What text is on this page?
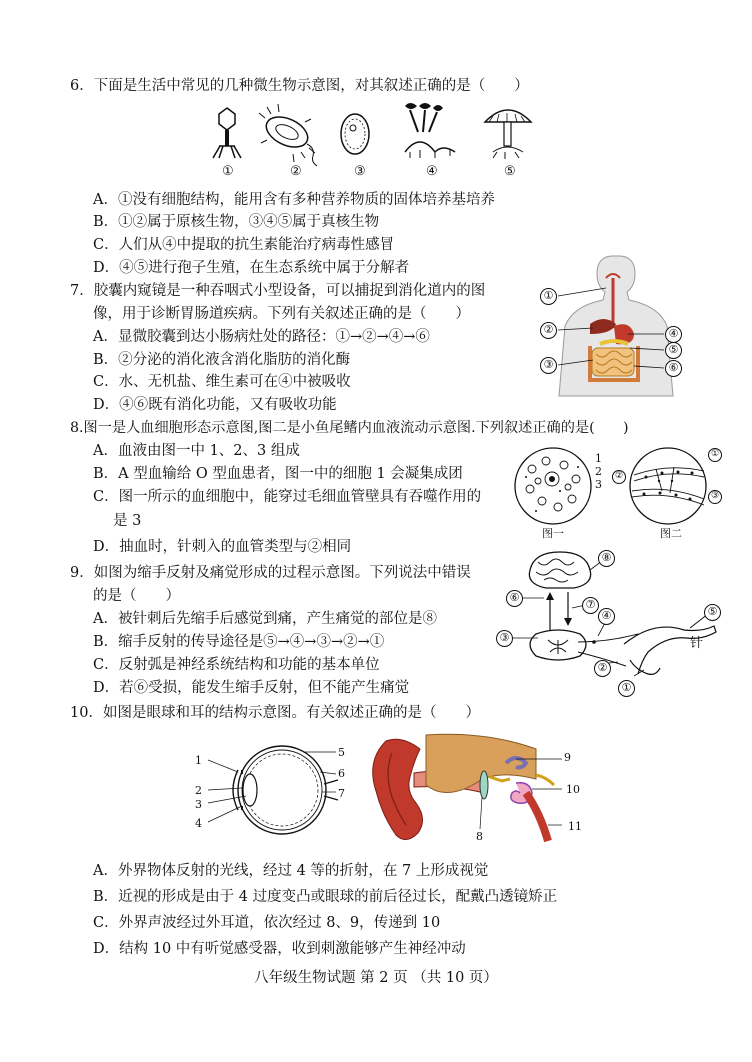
6．下面是生活中常见的几种微生物示意图，对其叙述正确的是（　　）
①	②	③	④	⑤
A．①没有细胞结构，能用含有多种营养物质的固体培养基培养
B．①②属于原核生物，③④⑤属于真核生物
C．人们从④中提取的抗生素能治疗病毒性感冒
D．④⑤进行孢子生殖，在生态系统中属于分解者
7．胶囊内窥镜是一种吞咽式小型设备，可以捕捉到消化道内的图
像，用于诊断胃肠道疾病。下列有关叙述正确的是（　　）
A．显微胶囊到达小肠病灶处的路径：①→②→④→⑥
B．②分泌的消化液含消化脂肪的消化酶
C．水、无机盐、维生素可在④中被吸收
D．④⑥既有消化功能，又有吸收功能
①
②
③
④
⑤
⑥
8.图一是人血细胞形态示意图,图二是小鱼尾鳍内血液流动示意图.下列叙述正确的是(　　)
A．血液由图一中 1、2、3 组成
B．A 型血输给 O 型血患者，图一中的细胞 1 会凝集成团
C．图一所示的血细胞中，能穿过毛细血管壁具有吞噬作用的
是 3
D．抽血时，针刺入的血管类型与②相同
1
2
3
图一
①
②
③
图二
9．如图为缩手反射及痛觉形成的过程示意图。下列说法中错误
的是（　　）
A．被针刺后先缩手后感觉到痛，产生痛觉的部位是⑧
B．缩手反射的传导途径是⑤→④→③→②→①
C．反射弧是神经系统结构和功能的基本单位
D．若⑥受损，能发生缩手反射，但不能产生痛觉
⑧
⑥
⑦
④	⑤
针
③
②
①
10．如图是眼球和耳的结构示意图。有关叙述正确的是（　　）
1
2
3
4
5
6
7
9
10
11
8
A．外界物体反射的光线，经过 4 等的折射，在 7 上形成视觉
B．近视的形成是由于 4 过度变凸或眼球的前后径过长，配戴凸透镜矫正
C．外界声波经过外耳道，依次经过 8、9，传递到 10
D．结构 10 中有听觉感受器，收到刺激能够产生神经冲动
八年级生物试题 第 2 页 （共 10 页）
